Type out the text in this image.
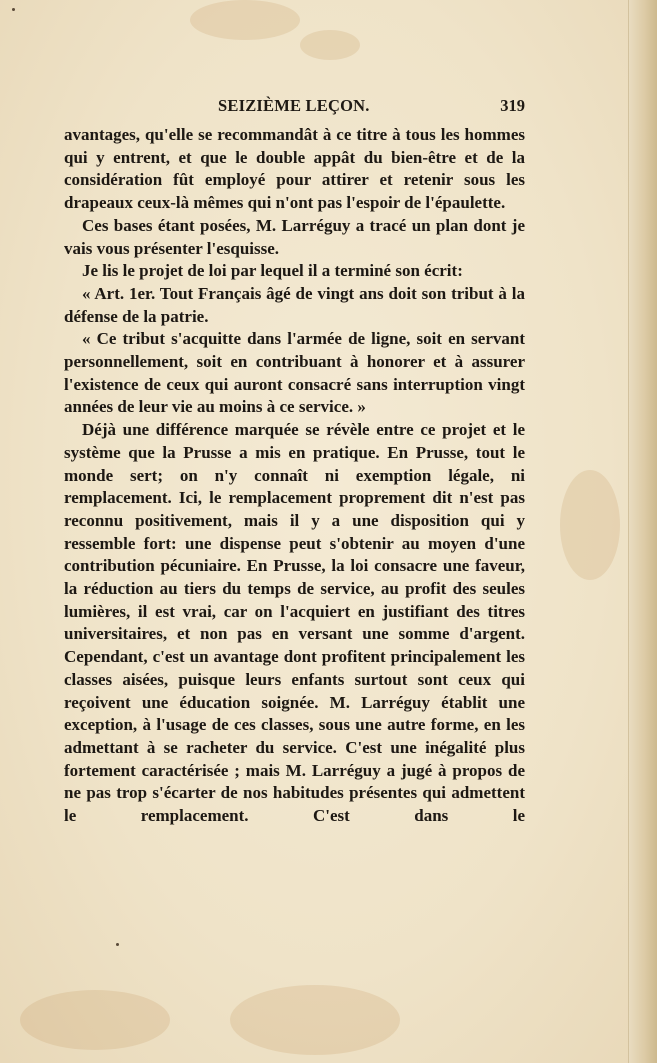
SEIZIÈME LEÇON.	319

avantages, qu'elle se recommandât à ce titre à tous les hommes qui y entrent, et que le double appât du bien-être et de la considération fût employé pour attirer et retenir sous les drapeaux ceux-là mêmes qui n'ont pas l'espoir de l'épaulette.

Ces bases étant posées, M. Larréguy a tracé un plan dont je vais vous présenter l'esquisse.

Je lis le projet de loi par lequel il a terminé son écrit:

« Art. 1er. Tout Français âgé de vingt ans doit son tribut à la défense de la patrie.

« Ce tribut s'acquitte dans l'armée de ligne, soit en servant personnellement, soit en contribuant à honorer et à assurer l'existence de ceux qui auront consacré sans interruption vingt années de leur vie au moins à ce service. »

Déjà une différence marquée se révèle entre ce projet et le système que la Prusse a mis en pratique. En Prusse, tout le monde sert; on n'y connaît ni exemption légale, ni remplacement. Ici, le remplacement proprement dit n'est pas reconnu positivement, mais il y a une disposition qui y ressemble fort: une dispense peut s'obtenir au moyen d'une contribution pécuniaire. En Prusse, la loi consacre une faveur, la réduction au tiers du temps de service, au profit des seules lumières, il est vrai, car on l'acquiert en justifiant des titres universitaires, et non pas en versant une somme d'argent. Cependant, c'est un avantage dont profitent principalement les classes aisées, puisque leurs enfants surtout sont ceux qui reçoivent une éducation soignée. M. Larréguy établit une exception, à l'usage de ces classes, sous une autre forme, en les admettant à se racheter du service. C'est une inégalité plus fortement caractérisée ; mais M. Larréguy a jugé à propos de ne pas trop s'écarter de nos habitudes présentes qui admettent le remplacement. C'est dans le
